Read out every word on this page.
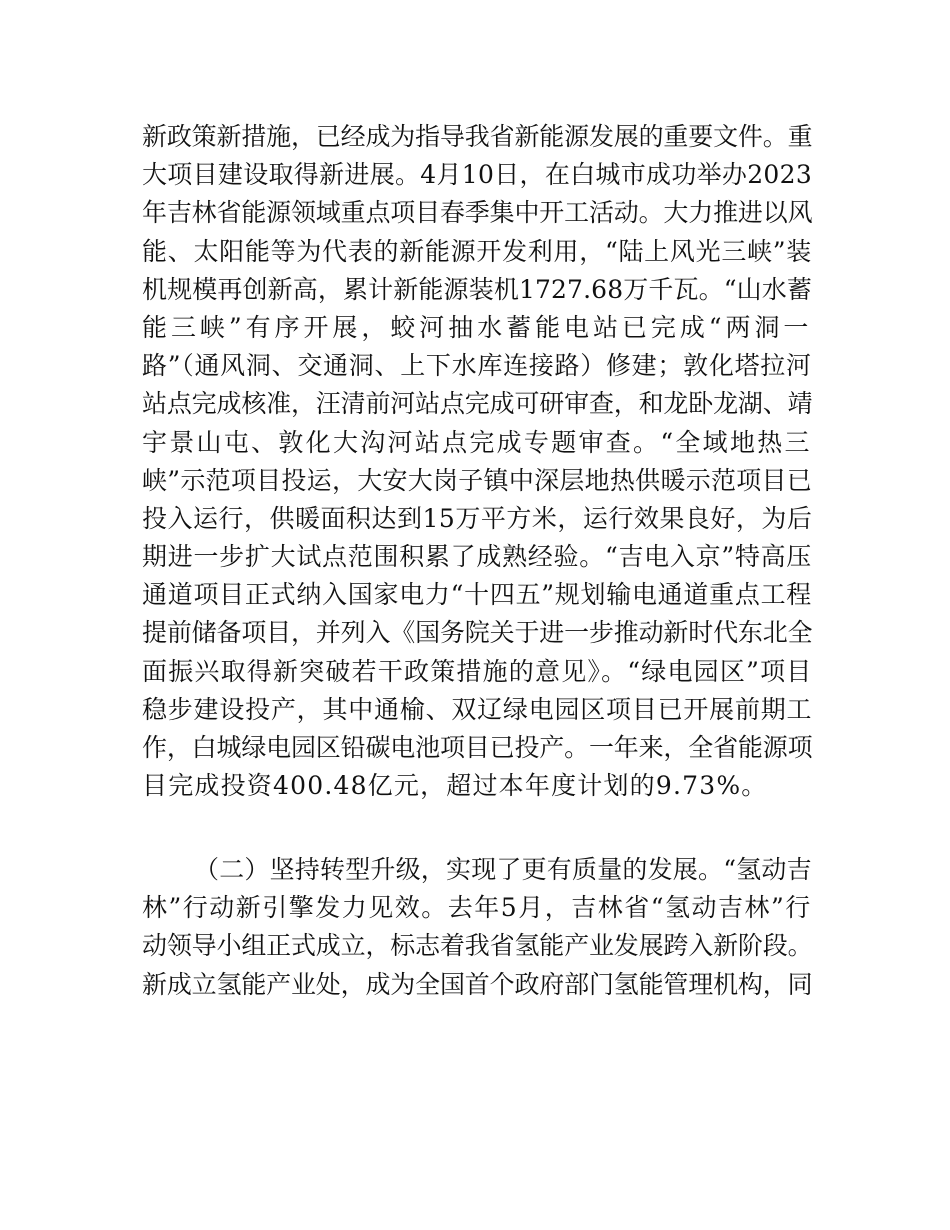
新政策新措施，已经成为指导我省新能源发展的重要文件。重
大项目建设取得新进展。4月10日，在白城市成功举办2023
年吉林省能源领域重点项目春季集中开工活动。大力推进以风
能、太阳能等为代表的新能源开发利用，“陆上风光三峡”装
机规模再创新高，累计新能源装机1727.68万千瓦。“山水蓄
能三峡”有序开展，蛟河抽水蓄能电站已完成“两洞一
路”（通风洞、交通洞、上下水库连接路）修建；敦化塔拉河
站点完成核准，汪清前河站点完成可研审查，和龙卧龙湖、靖
宇景山屯、敦化大沟河站点完成专题审查。“全域地热三
峡”示范项目投运，大安大岗子镇中深层地热供暖示范项目已
投入运行，供暖面积达到15万平方米，运行效果良好，为后
期进一步扩大试点范围积累了成熟经验。“吉电入京”特高压
通道项目正式纳入国家电力“十四五”规划输电通道重点工程
提前储备项目，并列入《国务院关于进一步推动新时代东北全
面振兴取得新突破若干政策措施的意见》。“绿电园区”项目
稳步建设投产，其中通榆、双辽绿电园区项目已开展前期工
作，白城绿电园区铅碳电池项目已投产。一年来，全省能源项
目完成投资400.48亿元，超过本年度计划的9.73%。
（二）坚持转型升级，实现了更有质量的发展。“氢动吉
林”行动新引擎发力见效。去年5月，吉林省“氢动吉林”行
动领导小组正式成立，标志着我省氢能产业发展跨入新阶段。
新成立氢能产业处，成为全国首个政府部门氢能管理机构，同
